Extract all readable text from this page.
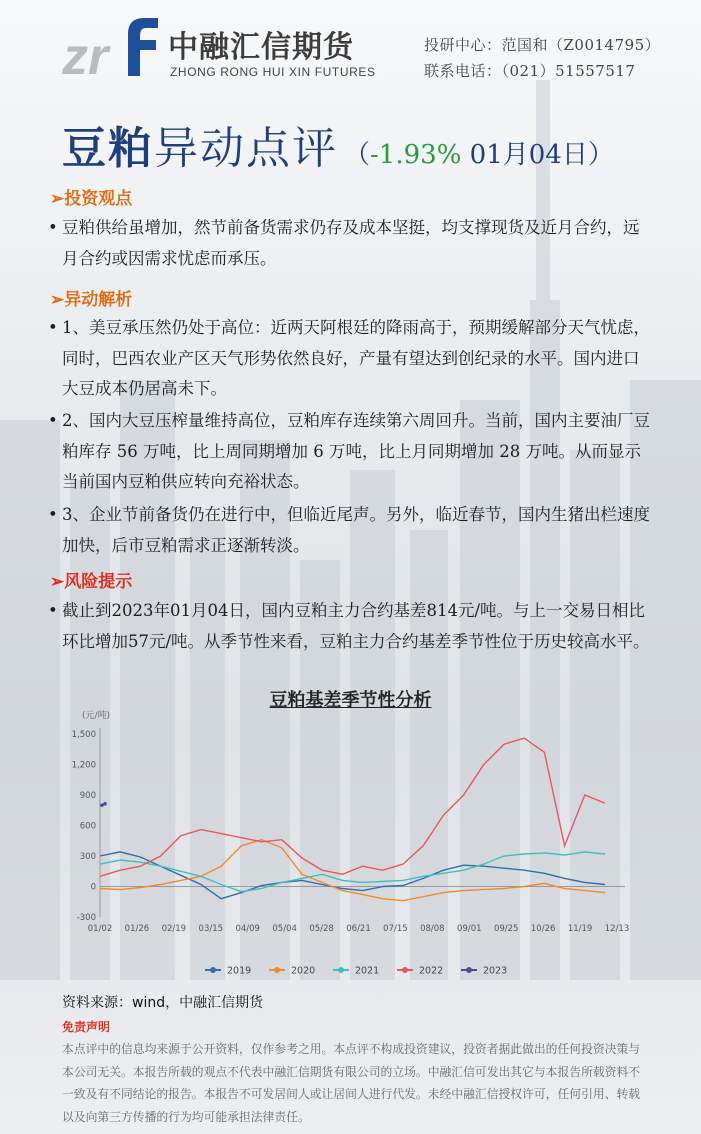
zr 中融汇信期货
ZHONG RONG HUI XIN FUTURES
投研中心：范国和（Z0014795）
联系电话：（021）51557517
豆粕异动点评 （-1.93% 01月04日）
➢投资观点
• 豆粕供给虽增加，然节前备货需求仍存及成本坚挺，均支撑现货及近月合约，远月合约或因需求忧虑而承压。
➢异动解析
• 1、美豆承压然仍处于高位：近两天阿根廷的降雨高于，预期缓解部分天气忧虑，同时，巴西农业产区天气形势依然良好，产量有望达到创纪录的水平。国内进口大豆成本仍居高未下。
• 2、国内大豆压榨量维持高位，豆粕库存连续第六周回升。当前，国内主要油厂豆粕库存 56 万吨，比上周同期增加 6 万吨，比上月同期增加 28 万吨。从而显示当前国内豆粕供应转向充裕状态。
• 3、企业节前备货仍在进行中，但临近尾声。另外，临近春节，国内生猪出栏速度加快，后市豆粕需求正逐渐转淡。
➢风险提示
• 截止到2023年01月04日，国内豆粕主力合约基差814元/吨。与上一交易日相比环比增加57元/吨。从季节性来看，豆粕主力合约基差季节性位于历史较高水平。
豆粕基差季节性分析
(元/吨)
1,500
1,200
900
600
300
0
-300
01/02 01/26 02/19 03/15 04/09 05/04 05/28 06/21 07/15 08/08 09/01 09/25 10/26 11/19 12/13
2019	2020	2021	2022	2023
资料来源：wind，中融汇信期货
免责声明
本点评中的信息均来源于公开资料，仅作参考之用。本点评不构成投资建议，投资者据此做出的任何投资决策与本公司无关。本报告所载的观点不代表中融汇信期货有限公司的立场。中融汇信可发出其它与本报告所载资料不一致及有不同结论的报告。本报告不可发居间人或让居间人进行代发。未经中融汇信授权许可，任何引用、转载以及向第三方传播的行为均可能承担法律责任。
